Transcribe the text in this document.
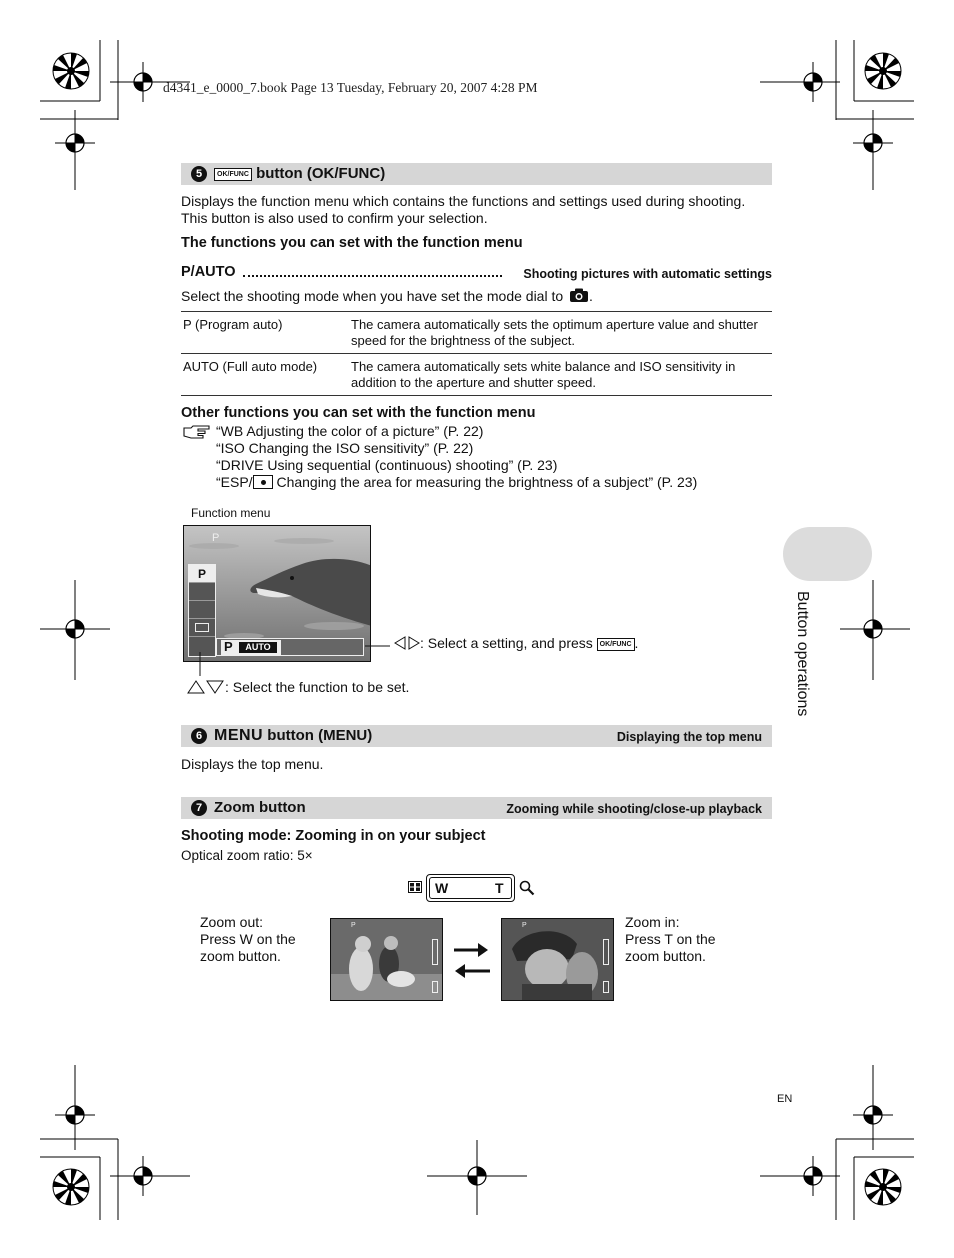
d4341_e_0000_7.book Page 13 Tuesday, February 20, 2007 4:28 PM
5	OK/FUNC button (OK/FUNC)
Displays the function menu which contains the functions and settings used during shooting.
This button is also used to confirm your selection.
The functions you can set with the function menu
P/AUTO	Shooting pictures with automatic settings
Select the shooting mode when you have set the mode dial to .
P (Program auto)	The camera automatically sets the optimum aperture value and shutter speed for the brightness of the subject.
AUTO (Full auto mode)	The camera automatically sets white balance and ISO sensitivity in addition to the aperture and shutter speed.
Other functions you can set with the function menu
“WB Adjusting the color of a picture” (P. 22)
“ISO Changing the ISO sensitivity” (P. 22)
“DRIVE Using sequential (continuous) shooting” (P. 23)
“ESP/
Changing the area for measuring the brightness of a subject” (P. 23)
Function menu
P
P
P	AUTO	: Select a setting, and press OK/FUNC .
: Select the function to be set.
6 MENU button (MENU)	Displaying the top menu
Displays the top menu.
7 Zoom button	Zooming while shooting/close-up playback
Shooting mode: Zooming in on your subject
Optical zoom ratio: 5×
W	T
Zoom out:
Press W on the
zoom button.
P	P	Zoom in:
Press T on the
zoom button.
Button operations
EN
